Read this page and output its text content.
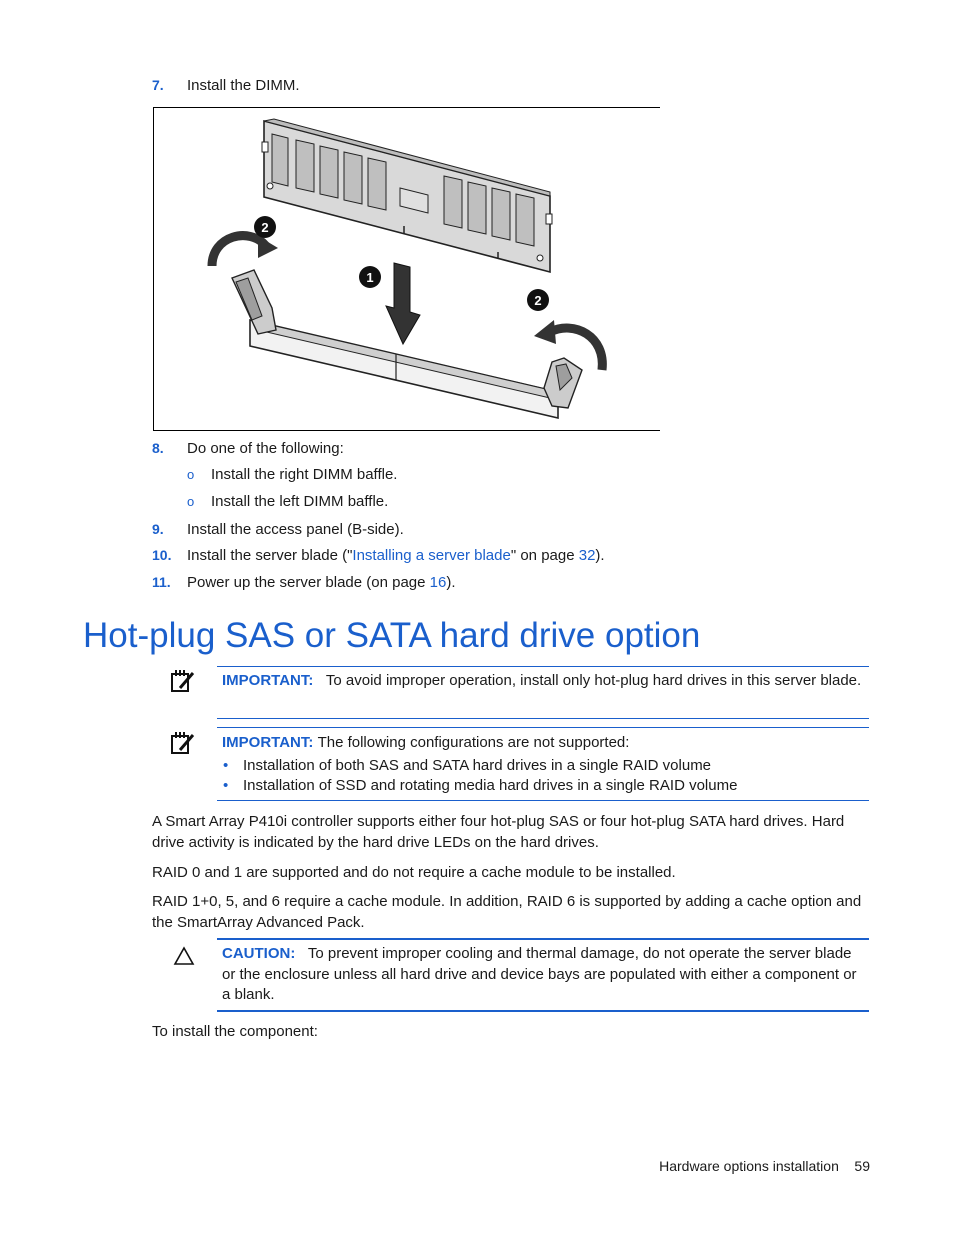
7. Install the DIMM.
1
2
2
8. Do one of the following:
o Install the right DIMM baffle.
o Install the left DIMM baffle.
9. Install the access panel (B-side).
10. Install the server blade ("Installing a server blade" on page 32).
11. Power up the server blade (on page 16).
Hot-plug SAS or SATA hard drive option
IMPORTANT: To avoid improper operation, install only hot-plug hard drives in this server blade.
IMPORTANT: The following configurations are not supported:
• Installation of both SAS and SATA hard drives in a single RAID volume
• Installation of SSD and rotating media hard drives in a single RAID volume
A Smart Array P410i controller supports either four hot-plug SAS or four hot-plug SATA hard drives. Hard drive activity is indicated by the hard drive LEDs on the hard drives.
RAID 0 and 1 are supported and do not require a cache module to be installed.
RAID 1+0, 5, and 6 require a cache module. In addition, RAID 6 is supported by adding a cache option and the SmartArray Advanced Pack.
CAUTION: To prevent improper cooling and thermal damage, do not operate the server blade or the enclosure unless all hard drive and device bays are populated with either a component or a blank.
To install the component:
Hardware options installation 59
